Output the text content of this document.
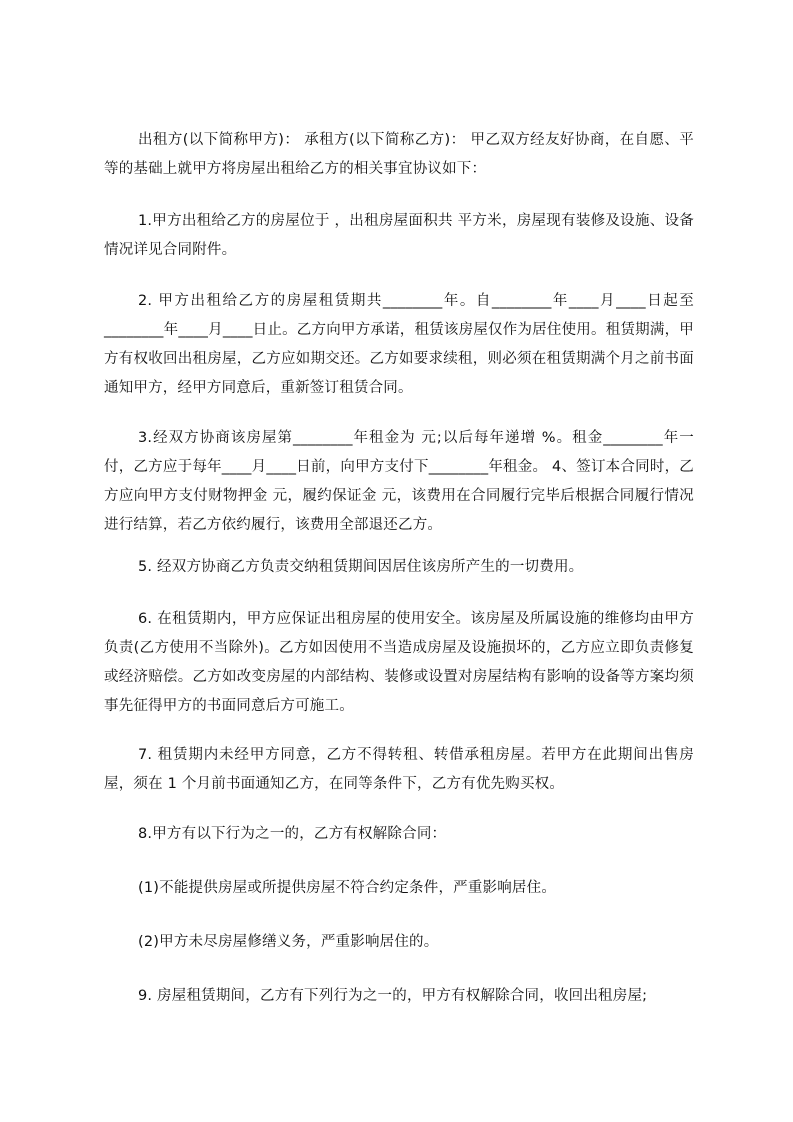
出租方(以下简称甲方)： 承租方(以下简称乙方)： 甲乙双方经友好协商，在自愿、平等的基础上就甲方将房屋出租给乙方的相关事宜协议如下：

1.甲方出租给乙方的房屋位于 ，出租房屋面积共 平方米，房屋现有装修及设施、设备情况详见合同附件。

2. 甲方出租给乙方的房屋租赁期共________年。自________年____月____日起至________年____月____日止。乙方向甲方承诺，租赁该房屋仅作为居住使用。租赁期满，甲方有权收回出租房屋，乙方应如期交还。乙方如要求续租，则必须在租赁期满个月之前书面通知甲方，经甲方同意后，重新签订租赁合同。

3.经双方协商该房屋第________年租金为 元;以后每年递增 %。租金________年一付，乙方应于每年____月____日前，向甲方支付下________年租金。 4、签订本合同时，乙方应向甲方支付财物押金 元，履约保证金 元，该费用在合同履行完毕后根据合同履行情况进行结算，若乙方依约履行，该费用全部退还乙方。

5. 经双方协商乙方负责交纳租赁期间因居住该房所产生的一切费用。

6. 在租赁期内，甲方应保证出租房屋的使用安全。该房屋及所属设施的维修均由甲方负责(乙方使用不当除外)。乙方如因使用不当造成房屋及设施损坏的，乙方应立即负责修复或经济赔偿。乙方如改变房屋的内部结构、装修或设置对房屋结构有影响的设备等方案均须事先征得甲方的书面同意后方可施工。

7. 租赁期内未经甲方同意，乙方不得转租、转借承租房屋。若甲方在此期间出售房屋，须在 1 个月前书面通知乙方，在同等条件下，乙方有优先购买权。

8.甲方有以下行为之一的，乙方有权解除合同：

(1)不能提供房屋或所提供房屋不符合约定条件，严重影响居住。

(2)甲方未尽房屋修缮义务，严重影响居住的。

9. 房屋租赁期间，乙方有下列行为之一的，甲方有权解除合同，收回出租房屋;
